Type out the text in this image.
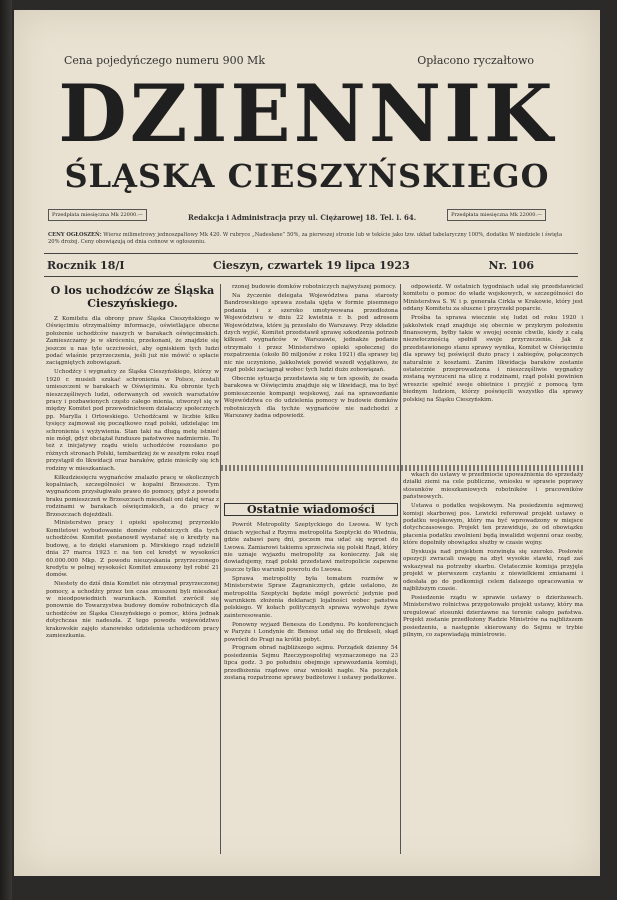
Cena pojedyńczego numeru 900 Mk	Opłacono ryczałtowo
DZIENNIK
ŚLĄSKA CIESZYŃSKIEGO
Przedpłata miesięczna Mk 22000.—	Redakcja i Administracja przy ul. Ciężarowej 18. Tel. l. 64.	Przedpłata miesięczna Mk 22000.—
CENY OGŁOSZEŃ: Wiersz milimetrowy jednoszpaltowy Mk 420. W rubryce „Nadesłane” 50%, za pierwszej stronie lub w tekście jako tzw. układ tabelaryczny 100%, dodatku W niedziele i święta 20% drożej. Ceny obowiązują od dnia ceńnow w ogłoszeniu.
Rocznik 18/I	Cieszyn, czwartek 19 lipca 1923	Nr. 106
O los uchodźców ze Śląska Cieszyńskiego.

Z Komitetu dla obrony praw Śląska Cieszyńskiego w Oświęcimiu otrzymaliśmy informacje, oświetlające obecne położenie uchodźców naszych w barakach oświęcimskich. Zamieszczamy je w skróceniu, przekonani, że znajdzie się jeszcze u nas tyle uczciwości, aby ogniskiem tych ludzi podać właśnie przyrzeczenia, jeśli już nie mówić o spłacie zaciągniętych zobowiązań.

Uchodźcy i wygnańcy ze Śląska Cieszyńskiego, którzy w 1920 r. musieli szukać schronienia w Polsce, zostali umieszczeni w barakach w Oświęcimiu. Ku obronie tych nieszczęśliwych ludzi, oderwanych od swoich warsztatów pracy i pozbawionych często całego mienia, utworzył się w między Komitet pod przewodnictwem działaczy społecznych pp. Marylla i Ortowskiego. Uchodźcami w liczbie kilku tysięcy zajmował się początkowo rząd polski, udzielając im schronienia i wyżywienia. Stan taki na długą metę istnieć nie mógł, gdyż obciążał fundusze państwowe nadmiernie. To też z inicjatywy rządu wielu uchodźców rozesłano po różnych stronach Polski, tembardziej że w zeszłym roku rząd przystąpił do likwidacji oraz baraków, gdzie mieściły się ich rodziny w mieszkaniach.

Kilkudziesięciu wygnańców znalazło pracę w okolicznych kopalniach, szczególności w kopalni Brzeszcze. Tym wygnańcom przysługiwało prawo do pomocy, gdyż z powodu braku pomieszczeń w Brzeszczach mieszkali oni dalej wraz z rodzinami w barakach oświęcimskich, a do pracy w Brzeszczach dojeżdżali.

Ministerstwo pracy i opieki społecznej przyrzekło Komitetowi wybudowanie domów robotniczych dla tych uchodźców. Komitet postanowił wystarać się o kredyty na budowę, a to dzięki staraniom p. Mirskiego rząd udzielił dnia 27 marca 1923 r. na ten cel kredyt w wysokości 60.000.000 Mkp. Z powodu nieuzyskania przyrzeczonego kredytu w pełnej wysokości Komitet zmuszony był robić 21 domów.

Niestety do dziś dnia Komitet nie otrzymał przyrzeczonej pomocy, a uchodźcy przez ten czas zmuszeni byli mieszkać w nieodpowiednich warunkach. Komitet zwrócił się ponownie do Towarzystwa budowy domów robotniczych dla uchodźców ze Śląska Cieszyńskiego o pomoc, która jednak dotychczas nie nadeszła. Z tego powodu województwo krakowskie zajęło stanowisko udzielenia uchodźcom pracy zamieszkania.

rzonej budowie domków robotniczych najwyższej pomocy.

Na życzenie delegata Województwa pana starosty Bandrowskiego sprawa została ujęta w formie pisemnego podania i z szeroko umotywowana przedłożona Województwu w dniu 22 kwietnia r. b. pod adresem Województwa, które ją przesłało do Warszawy. Przy składzie dzych wyjść, Komitet przedstawił sprawę szkodzenia potrzeb kilkuset wygnańców w Warszawie, jednakże podanie otrzymało i przez Ministerstwo opieki społecznej do rozpatrzenia (około 80 miljonów z roku 1921) dla sprawy tej nic nie uczyniono, jakkolwiek powód wszedł wyjątkowo, że rząd polski zaciągnął wobec tych ludzi dużo zobowiązań.

Obecnie sytuacja przedstawia się w ten sposób, że osada barakowa w Oświęcimiu znajduje się w likwidacji, ma to być pomieszczenie kompanji wojskowej, zaś na sprawozdanie Województwa co do udzielenia pomocy w budowie domków robotniczych dla tychże wygnańców nie nadchodzi z Warszawy żadna odpowiedź.

odpowiedź. W ostatnich tygodniach udał się przedstawiciel komitetu o pomoc do władz wojskowych, w szczególności do Ministerstwa S. W. i p. generała Cirkla w Krakowie, który jest oddany Komitetu za słuszne i przyrzekł poparcie.

Prośba ta sprawa wiecznie się ludzi od roku 1920 i jakkolwiek rząd znajduje się obecnie w przykrym położeniu finansowym, byłby takie w swojej ocenie chwile, kiedy z całą niezwłocznością spełnił swoje przyrzeczenie. Jak z przedstawionego stanu sprawy wynika, Komitet w Oświęcimiu dla sprawy tej poświęcił dużo pracy i zabiegów, połączonych naturalnie z kosztami. Zanim likwidacja baraków zostanie ostatecznie przeprowadzona i nieszczęśliwie wygnańcy zostaną wyrzuceni na ulicę z rodzinami, rząd polski powinien wreszcie spełnić swoje obietnice i przyjść z pomocą tym biednym ludziom, którzy poświęcili wszystko dla sprawy polskiej na Śląsku Cieszyńskim.

Ostatnie wiadomości

Powrót Metropolity Szeptyckiego do Lwowa. W tych dniach wyjechał z Rzymu metropolita Szeptycki do Wiednia, gdzie zabawi parę dni, poczem ma udać się wprost do Lwowa. Zamiarowi takiemu sprzeciwia się polski Rząd, który nie uznaje wyjazdu metropolity za konieczny. Jak się dowiadujemy, rząd polski przedstawi metropolicie zapewne jeszcze tylko warunki powrotu do Lwowa.

Sprawa metropolity była tematem rozmów w Ministerstwie Spraw Zagranicznych, gdzie ustalono, że metropolita Szeptycki będzie mógł powrócić jedynie pod warunkiem złożenia deklaracji lojalności wobec państwa polskiego. W kołach politycznych sprawa wywołuje żywe zainteresowanie.

Ponowny wyjazd Benesza do Londynu. Po konferencjach w Paryżu i Londynie dr. Benesz udał się do Brukseli, skąd powrócił do Pragi na krótki pobyt.

Program obrad najbliższego sejmu. Porządek dzienny 54 posiedzenia Sejmu Rzeczypospolitej wyznaczonego na 23 lipca godz. 3 po południu obejmuje sprawozdania komisji, przedłożenia rządowe oraz wnioski nagłe. Na początek zostaną rozpatrzone sprawy budżetowe i ustawy podatkowe.

wkach do ustawy w przedmiocie upoważnienia do sprzedaży działki ziemi na cele publiczne, wniosku w sprawie poprawy stosunków mieszkaniowych robotników i pracowników państwowych.

Ustawa o podatku wojskowym. Na posiedzeniu sejmowej komisji skarbowej pos. Lewicki referował projekt ustawy o podatku wojskowym, który ma być wprowadzony w miejsce dotychczasowego. Projekt ten przewiduje, że od obowiązku płacenia podatku zwolnieni będą inwalidzi wojenni oraz osoby, które dopełniły obowiązku służby w czasie wojny.

Dyskusja nad projektem rozwinęła się szeroko. Posłowie opozycji zwracali uwagę na zbyt wysokie stawki, rząd zaś wskazywał na potrzeby skarbu. Ostatecznie komisja przyjęła projekt w pierwszem czytaniu z niewielkiemi zmianami i odesłała go do podkomisji celem dalszego opracowania w najbliższym czasie.

Posiedzenie rządu w sprawie ustawy o dzierżawach. Ministerstwo rolnictwa przygotowało projekt ustawy, który ma uregulować stosunki dzierżawne na terenie całego państwa. Projekt zostanie przedłożony Radzie Ministrów na najbliższem posiedzeniu, a następnie skierowany do Sejmu w trybie pilnym, co zapowiadają ministrowie.
